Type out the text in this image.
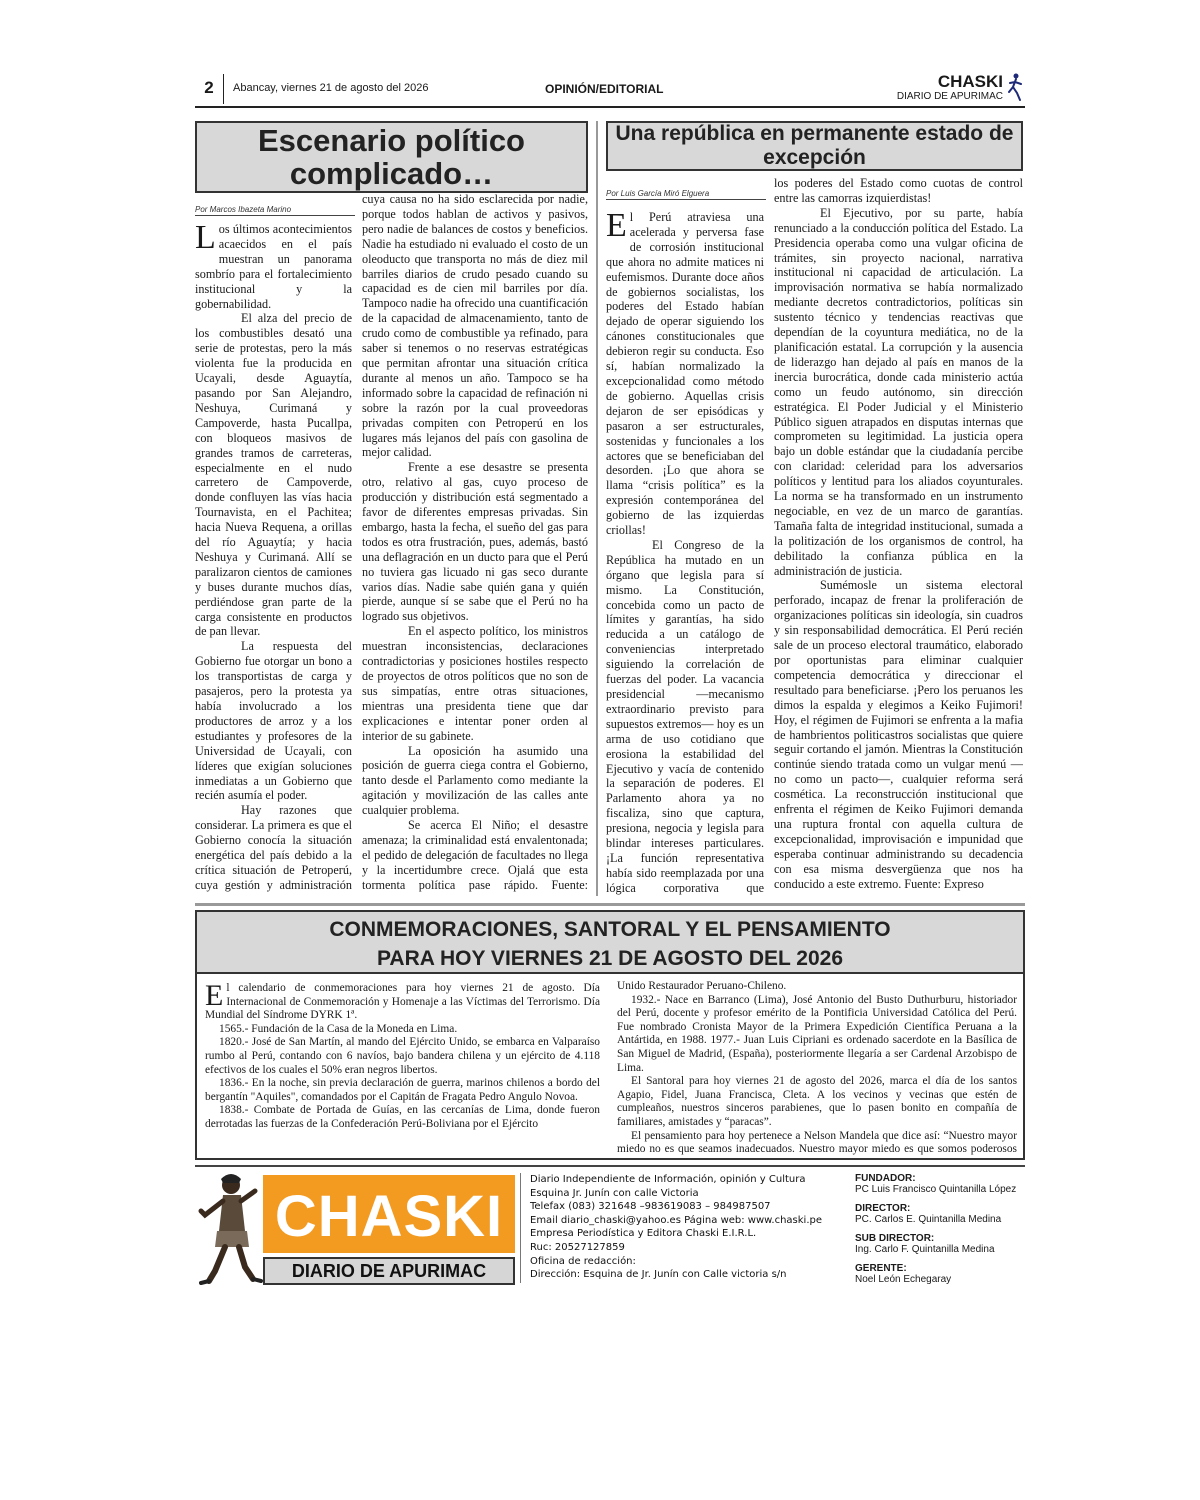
2	Abancay, viernes 21 de agosto del 2026	OPINIÓN/EDITORIAL	CHASKI
DIARIO DE APURIMAC
Escenario político complicado…
Por Marcos Ibazeta Marino

Los últimos acontecimientos acaecidos en el país muestran un panorama sombrío para el fortalecimiento institucional y la gobernabilidad.

El alza del precio de los combustibles desató una serie de protestas, pero la más violenta fue la producida en Ucayali, desde Aguaytía, pasando por San Alejandro, Neshuya, Curimaná y Campoverde, hasta Pucallpa, con bloqueos masivos de grandes tramos de carreteras, especialmente en el nudo carretero de Campoverde, donde confluyen las vías hacia Tournavista, en el Pachitea; hacia Nueva Requena, a orillas del río Aguaytía; y hacia Neshuya y Curimaná. Allí se paralizaron cientos de camiones y buses durante muchos días, perdiéndose gran parte de la carga consistente en productos de pan llevar.

La respuesta del Gobierno fue otorgar un bono a los transportistas de carga y pasajeros, pero la protesta ya había involucrado a los productores de arroz y a los estudiantes y profesores de la Universidad de Ucayali, con líderes que exigían soluciones inmediatas a un Gobierno que recién asumía el poder.

Hay razones que considerar. La primera es que el Gobierno conocía la situación energética del país debido a la crítica situación de Petroperú, cuya gestión y administración

cuya causa no ha sido esclarecida por nadie, porque todos hablan de activos y pasivos, pero nadie de balances de costos y beneficios. Nadie ha estudiado ni evaluado el costo de un oleoducto que transporta no más de diez mil barriles diarios de crudo pesado cuando su capacidad es de cien mil barriles por día. Tampoco nadie ha ofrecido una cuantificación de la capacidad de almacenamiento, tanto de crudo como de combustible ya refinado, para saber si tenemos o no reservas estratégicas que permitan afrontar una situación crítica durante al menos un año. Tampoco se ha informado sobre la capacidad de refinación ni sobre la razón por la cual proveedoras privadas compiten con Petroperú en los lugares más lejanos del país con gasolina de mejor calidad.

Frente a ese desastre se presenta otro, relativo al gas, cuyo proceso de producción y distribución está segmentado a favor de diferentes empresas privadas. Sin embargo, hasta la fecha, el sueño del gas para todos es otra frustración, pues, además, bastó una deflagración en un ducto para que el Perú no tuviera gas licuado ni gas seco durante varios días. Nadie sabe quién gana y quién pierde, aunque sí se sabe que el Perú no ha logrado sus objetivos.

En el aspecto político, los ministros muestran inconsistencias, declaraciones contradictorias y posiciones hostiles respecto de proyectos de otros políticos que no son de sus simpatías, entre otras situaciones, mientras una presidenta tiene que dar explicaciones e intentar poner orden al interior de su gabinete.

La oposición ha asumido una posición de guerra ciega contra el Gobierno, tanto desde el Parlamento como mediante la agitación y movilización de las calles ante cualquier problema.

Se acerca El Niño; el desastre amenaza; la criminalidad está envalentonada; el pedido de delegación de facultades no llega y la incertidumbre crece. Ojalá que esta tormenta política pase rápido. Fuente:

Una república en permanente estado de excepción
Por Luis García Miró Elguera

El Perú atraviesa una acelerada y perversa fase de corrosión institucional que ahora no admite matices ni eufemismos. Durante doce años de gobiernos socialistas, los poderes del Estado habían dejado de operar siguiendo los cánones constitucionales que debieron regir su conducta. Eso sí, habían normalizado la excepcionalidad como método de gobierno. Aquellas crisis dejaron de ser episódicas y pasaron a ser estructurales, sostenidas y funcionales a los actores que se beneficiaban del desorden. ¡Lo que ahora se llama “crisis política” es la expresión contemporánea del gobierno de las izquierdas criollas!

El Congreso de la República ha mutado en un órgano que legisla para sí mismo. La Constitución, concebida como un pacto de límites y garantías, ha sido reducida a un catálogo de conveniencias interpretado siguiendo la correlación de fuerzas del poder. La vacancia presidencial —mecanismo extraordinario previsto para supuestos extremos— hoy es un arma de uso cotidiano que erosiona la estabilidad del Ejecutivo y vacía de contenido la separación de poderes. El Parlamento ahora ya no fiscaliza, sino que captura, presiona, negocia y legisla para blindar intereses particulares. ¡La función representativa había sido reemplazada por una lógica corporativa que

los poderes del Estado como cuotas de control entre las camorras izquierdistas!

El Ejecutivo, por su parte, había renunciado a la conducción política del Estado. La Presidencia operaba como una vulgar oficina de trámites, sin proyecto nacional, narrativa institucional ni capacidad de articulación. La improvisación normativa se había normalizado mediante decretos contradictorios, políticas sin sustento técnico y tendencias reactivas que dependían de la coyuntura mediática, no de la planificación estatal. La corrupción y la ausencia de liderazgo han dejado al país en manos de la inercia burocrática, donde cada ministerio actúa como un feudo autónomo, sin dirección estratégica. El Poder Judicial y el Ministerio Público siguen atrapados en disputas internas que comprometen su legitimidad. La justicia opera bajo un doble estándar que la ciudadanía percibe con claridad: celeridad para los adversarios políticos y lentitud para los aliados coyunturales. La norma se ha transformado en un instrumento negociable, en vez de un marco de garantías. Tamaña falta de integridad institucional, sumada a la politización de los organismos de control, ha debilitado la confianza pública en la administración de justicia.

Sumémosle un sistema electoral perforado, incapaz de frenar la proliferación de organizaciones políticas sin ideología, sin cuadros y sin responsabilidad democrática. El Perú recién sale de un proceso electoral traumático, elaborado por oportunistas para eliminar cualquier competencia democrática y direccionar el resultado para beneficiarse. ¡Pero los peruanos les dimos la espalda y elegimos a Keiko Fujimori! Hoy, el régimen de Fujimori se enfrenta a la mafia de hambrientos politicastros socialistas que quiere seguir cortando el jamón. Mientras la Constitución continúe siendo tratada como un vulgar menú —no como un pacto—, cualquier reforma será cosmética. La reconstrucción institucional que enfrenta el régimen de Keiko Fujimori demanda una ruptura frontal con aquella cultura de excepcionalidad, improvisación e impunidad que esperaba continuar administrando su decadencia con esa misma desvergüenza que nos ha conducido a este extremo. Fuente: Expreso

CONMEMORACIONES, SANTORAL Y EL PENSAMIENTO
PARA HOY VIERNES 21 DE AGOSTO DEL 2026

El calendario de conmemoraciones para hoy viernes 21 de agosto. Día Internacional de Conmemoración y Homenaje a las Víctimas del Terrorismo. Día Mundial del Síndrome DYRK 1ª.

1565.- Fundación de la Casa de la Moneda en Lima.

1820.- José de San Martín, al mando del Ejército Unido, se embarca en Valparaíso rumbo al Perú, contando con 6 navíos, bajo bandera chilena y un ejército de 4.118 efectivos de los cuales el 50% eran negros libertos.

1836.- En la noche, sin previa declaración de guerra, marinos chilenos a bordo del bergantín "Aquiles", comandados por el Capitán de Fragata Pedro Angulo Novoa.

1838.- Combate de Portada de Guías, en las cercanías de Lima, donde fueron derrotadas las fuerzas de la Confederación Perú-Boliviana por el Ejército

Unido Restaurador Peruano-Chileno.

1932.- Nace en Barranco (Lima), José Antonio del Busto Duthurburu, historiador del Perú, docente y profesor emérito de la Pontificia Universidad Católica del Perú. Fue nombrado Cronista Mayor de la Primera Expedición Científica Peruana a la Antártida, en 1988. 1977.- Juan Luis Cipriani es ordenado sacerdote en la Basílica de San Miguel de Madrid, (España), posteriormente llegaría a ser Cardenal Arzobispo de Lima.

El Santoral para hoy viernes 21 de agosto del 2026, marca el día de los santos Agapio, Fidel, Juana Francisca, Cleta. A los vecinos y vecinas que estén de cumpleaños, nuestros sinceros parabienes, que lo pasen bonito en compañía de familiares, amistades y “paracas”.

El pensamiento para hoy pertenece a Nelson Mandela que dice así: “Nuestro mayor miedo no es que seamos inadecuados. Nuestro mayor miedo es que somos poderosos

CHASKI
DIARIO DE APURIMAC
Diario Independiente de Información, opinión y Cultura
Esquina Jr. Junín con calle Victoria
Telefax (083) 321648 –983619083 – 984987507
Email diario_chaski@yahoo.es Página web: www.chaski.pe
Empresa Periodística y Editora Chaski E.I.R.L.
Ruc: 20527127859
Oficina de redacción:
Dirección: Esquina de Jr. Junín con Calle victoria s/n
FUNDADOR:
PC Luis Francisco Quintanilla López
DIRECTOR:
PC. Carlos E. Quintanilla Medina
SUB DIRECTOR:
Ing. Carlo F. Quintanilla Medina
GERENTE:
Noel León Echegaray
